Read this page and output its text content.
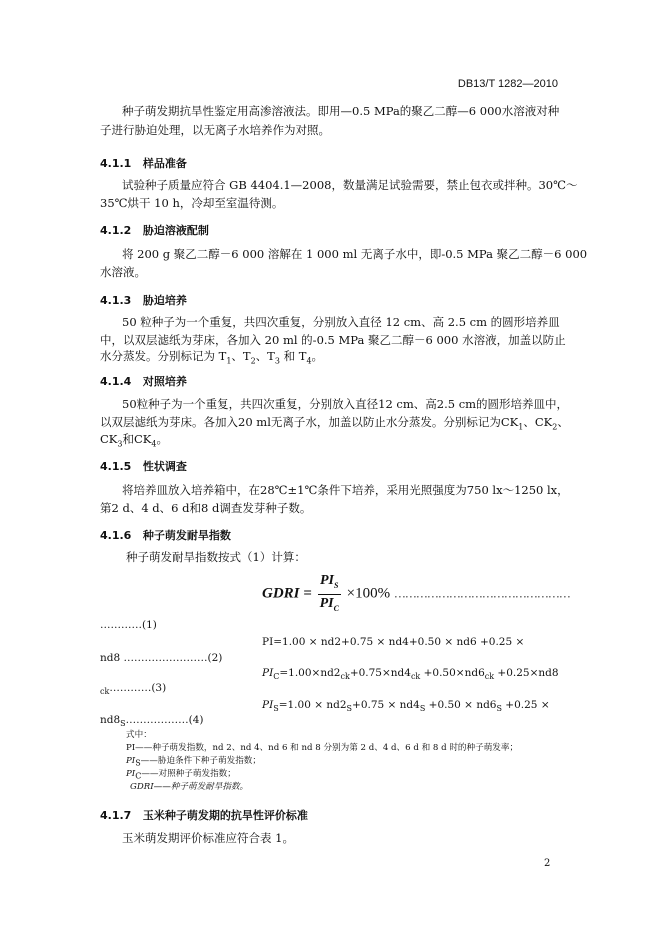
DB13/T 1282—2010
种子萌发期抗旱性鉴定用高渗溶液法。即用—0.5 MPa的聚乙二醇—6 000水溶液对种
子进行胁迫处理，以无离子水培养作为对照。
4.1.1 样品准备
试验种子质量应符合 GB 4404.1—2008，数量满足试验需要，禁止包衣或拌种。30℃～
35℃烘干 10 h，冷却至室温待测。
4.1.2 胁迫溶液配制
将 200 g 聚乙二醇－6 000 溶解在 1 000 ml 无离子水中，即-0.5 MPa 聚乙二醇－6 000
水溶液。
4.1.3 胁迫培养
50 粒种子为一个重复，共四次重复，分别放入直径 12 cm、高 2.5 cm 的圆形培养皿
中，以双层滤纸为芽床，各加入 20 ml 的-0.5 MPa 聚乙二醇－6 000 水溶液，加盖以防止
水分蒸发。分别标记为 $T_1$、$T_2$、$T_3$ 和 $T_4$。
4.1.4 对照培养
50粒种子为一个重复，共四次重复，分别放入直径12 cm、高2.5 cm的圆形培养皿中，
以双层滤纸为芽床。各加入20 ml无离子水，加盖以防止水分蒸发。分别标记为$CK_1$、$CK_2$、
$CK_3$和$CK_4$。
4.1.5 性状调查
将培养皿放入培养箱中，在28℃±1℃条件下培养，采用光照强度为750 lx～1250 lx，
第2 d、4 d、6 d和8 d调查发芽种子数。
4.1.6 种子萌发耐旱指数
种子萌发耐旱指数按式（1）计算：
GDRI = $\frac{PI_S}{PI_C} \times 100\%$ …………………………………………
…………(1)
PI=1.00 × nd2+0.75 × nd4+0.50 × nd6 +0.25 ×
nd8 ……………………(2)
$PI_C=1.00\times nd2_{ck}+0.75\times nd4_{ck} +0.50\times nd6_{ck} +0.25\times nd8$
$_{ck}$…………(3)
$PI_S=1.00 \times nd2_S+0.75 \times nd4_S +0.50 \times nd6_S +0.25$ ×
$nd8_S\dots\dots\dots\dots\dots\dots(4)$
式中：
PI——种子萌发指数，nd 2、nd 4、nd 6 和 nd 8 分别为第 2 d、4 d、6 d 和 8 d 时的种子萌发率；
$PI_S——$胁迫条件下种子萌发指数；
$PI_C——$对照种子萌发指数；
GDRI——种子萌发耐旱指数。
4.1.7 玉米种子萌发期的抗旱性评价标准
玉米萌发期评价标准应符合表 1。
2
